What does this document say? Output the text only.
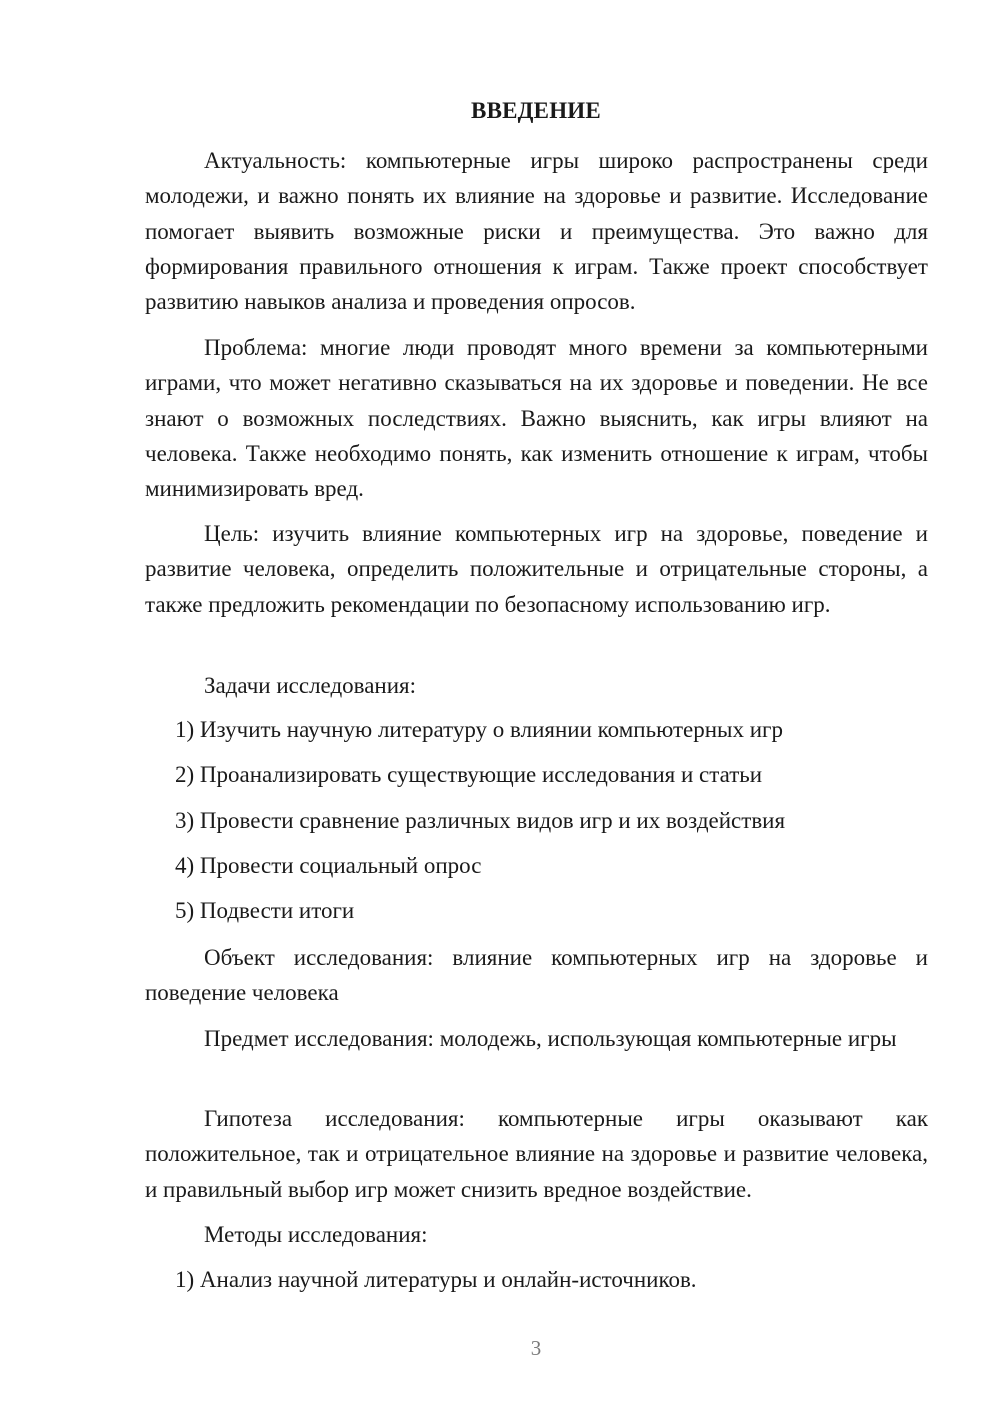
ВВЕДЕНИЕ

Актуальность: компьютерные игры широко распространены среди молодежи, и важно понять их влияние на здоровье и развитие. Исследование помогает выявить возможные риски и преимущества. Это важно для формирования правильного отношения к играм. Также проект способствует развитию навыков анализа и проведения опросов.

Проблема: многие люди проводят много времени за компьютерными играми, что может негативно сказываться на их здоровье и поведении. Не все знают о возможных последствиях. Важно выяснить, как игры влияют на человека. Также необходимо понять, как изменить отношение к играм, чтобы минимизировать вред.

Цель: изучить влияние компьютерных игр на здоровье, поведение и развитие человека, определить положительные и отрицательные стороны, а также предложить рекомендации по безопасному использованию игр.

Задачи исследования:

1) Изучить научную литературу о влиянии компьютерных игр
2) Проанализировать существующие исследования и статьи
3) Провести сравнение различных видов игр и их воздействия
4) Провести социальный опрос
5) Подвести итоги

Объект исследования: влияние компьютерных игр на здоровье и поведение человека

Предмет исследования: молодежь, использующая компьютерные игры

Гипотеза исследования: компьютерные игры оказывают как положительное, так и отрицательное влияние на здоровье и развитие человека, и правильный выбор игр может снизить вредное воздействие.

Методы исследования:

1) Анализ научной литературы и онлайн-источников.
3
